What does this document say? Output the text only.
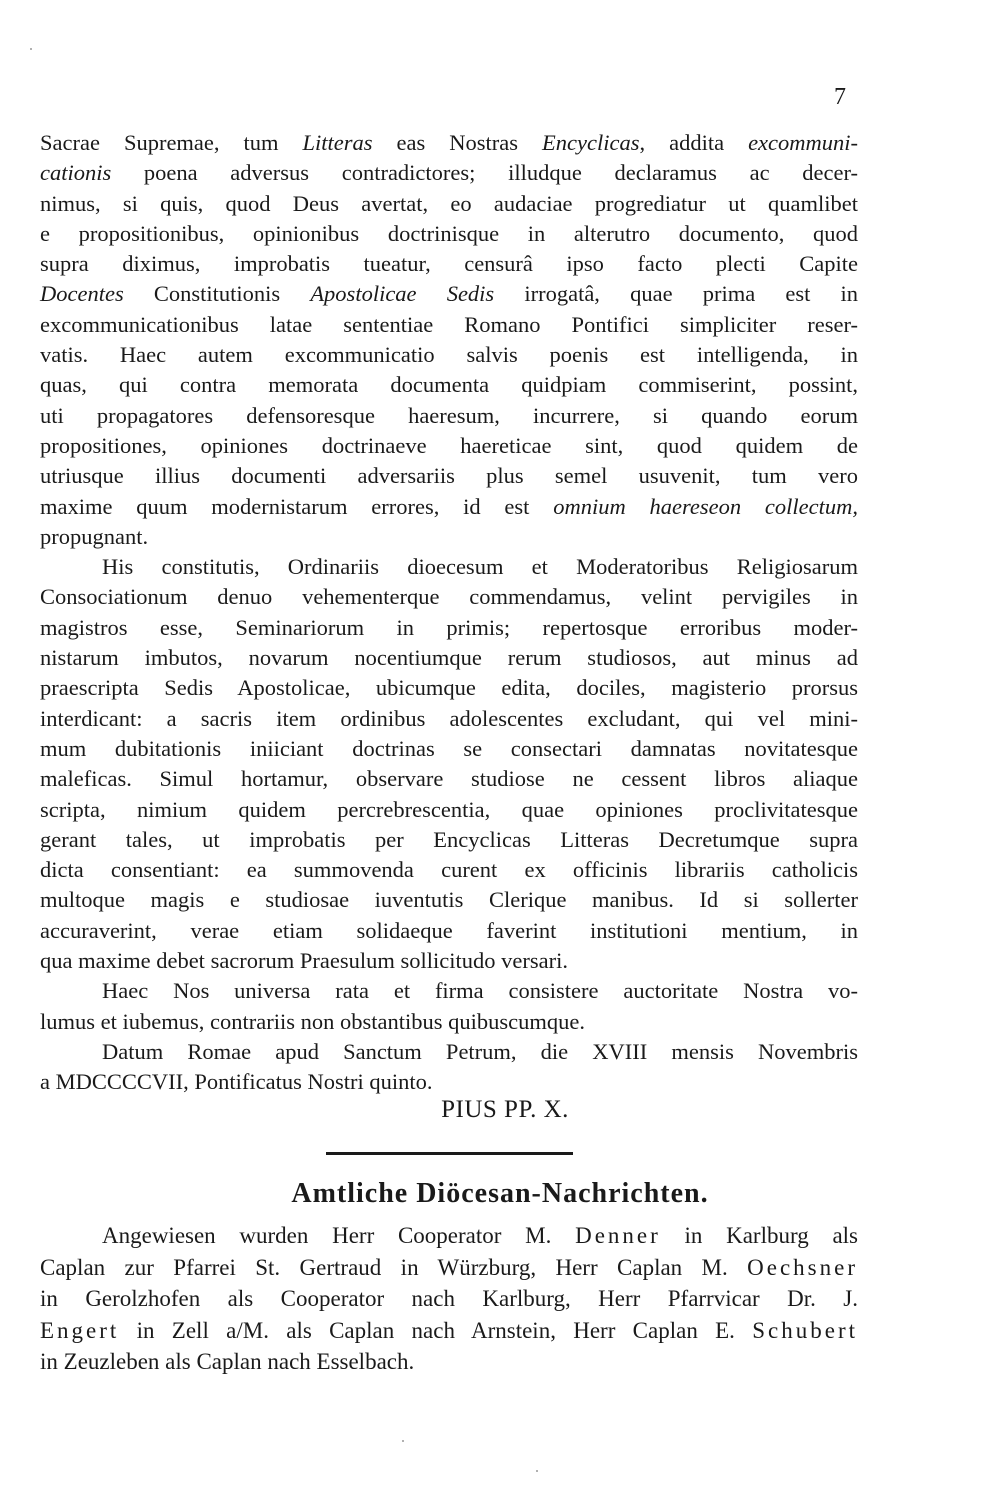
7
Sacrae Supremae, tum Litteras eas Nostras Encyclicas, addita excommuni-
cationis poena adversus contradictores; illudque declaramus ac decer-
nimus, si quis, quod Deus avertat, eo audaciae progrediatur ut quamlibet
e propositionibus, opinionibus doctrinisque in alterutro documento, quod
supra diximus, improbatis tueatur, censurâ ipso facto plecti Capite
Docentes Constitutionis Apostolicae Sedis irrogatâ, quae prima est in
excommunicationibus latae sententiae Romano Pontifici simpliciter reser-
vatis. Haec autem excommunicatio salvis poenis est intelligenda, in
quas, qui contra memorata documenta quidpiam commiserint, possint,
uti propagatores defensoresque haeresum, incurrere, si quando eorum
propositiones, opiniones doctrinaeve haereticae sint, quod quidem de
utriusque illius documenti adversariis plus semel usuvenit, tum vero
maxime quum modernistarum errores, id est omnium haereseon collectum,
propugnant.
His constitutis, Ordinariis dioecesum et Moderatoribus Religiosarum
Consociationum denuo vehementerque commendamus, velint pervigiles in
magistros esse, Seminariorum in primis; repertosque erroribus moder-
nistarum imbutos, novarum nocentiumque rerum studiosos, aut minus ad
praescripta Sedis Apostolicae, ubicumque edita, dociles, magisterio prorsus
interdicant: a sacris item ordinibus adolescentes excludant, qui vel mini-
mum dubitationis iniiciant doctrinas se consectari damnatas novitatesque
maleficas. Simul hortamur, observare studiose ne cessent libros aliaque
scripta, nimium quidem percrebrescentia, quae opiniones proclivitatesque
gerant tales, ut improbatis per Encyclicas Litteras Decretumque supra
dicta consentiant: ea summovenda curent ex officinis librariis catholicis
multoque magis e studiosae iuventutis Clerique manibus. Id si sollerter
accuraverint, verae etiam solidaeque faverint institutioni mentium, in
qua maxime debet sacrorum Praesulum sollicitudo versari.
Haec Nos universa rata et firma consistere auctoritate Nostra vo-
lumus et iubemus, contrariis non obstantibus quibuscumque.
Datum Romae apud Sanctum Petrum, die XVIII mensis Novembris
a MDCCCCVII, Pontificatus Nostri quinto.
PIUS PP. X.
Amtliche Diöcesan-Nachrichten.
Angewiesen wurden Herr Cooperator M. Denner in Karlburg als
Caplan zur Pfarrei St. Gertraud in Würzburg, Herr Caplan M. Oechsner
in Gerolzhofen als Cooperator nach Karlburg, Herr Pfarrvicar Dr. J.
Engert in Zell a/M. als Caplan nach Arnstein, Herr Caplan E. Schubert
in Zeuzleben als Caplan nach Esselbach.
